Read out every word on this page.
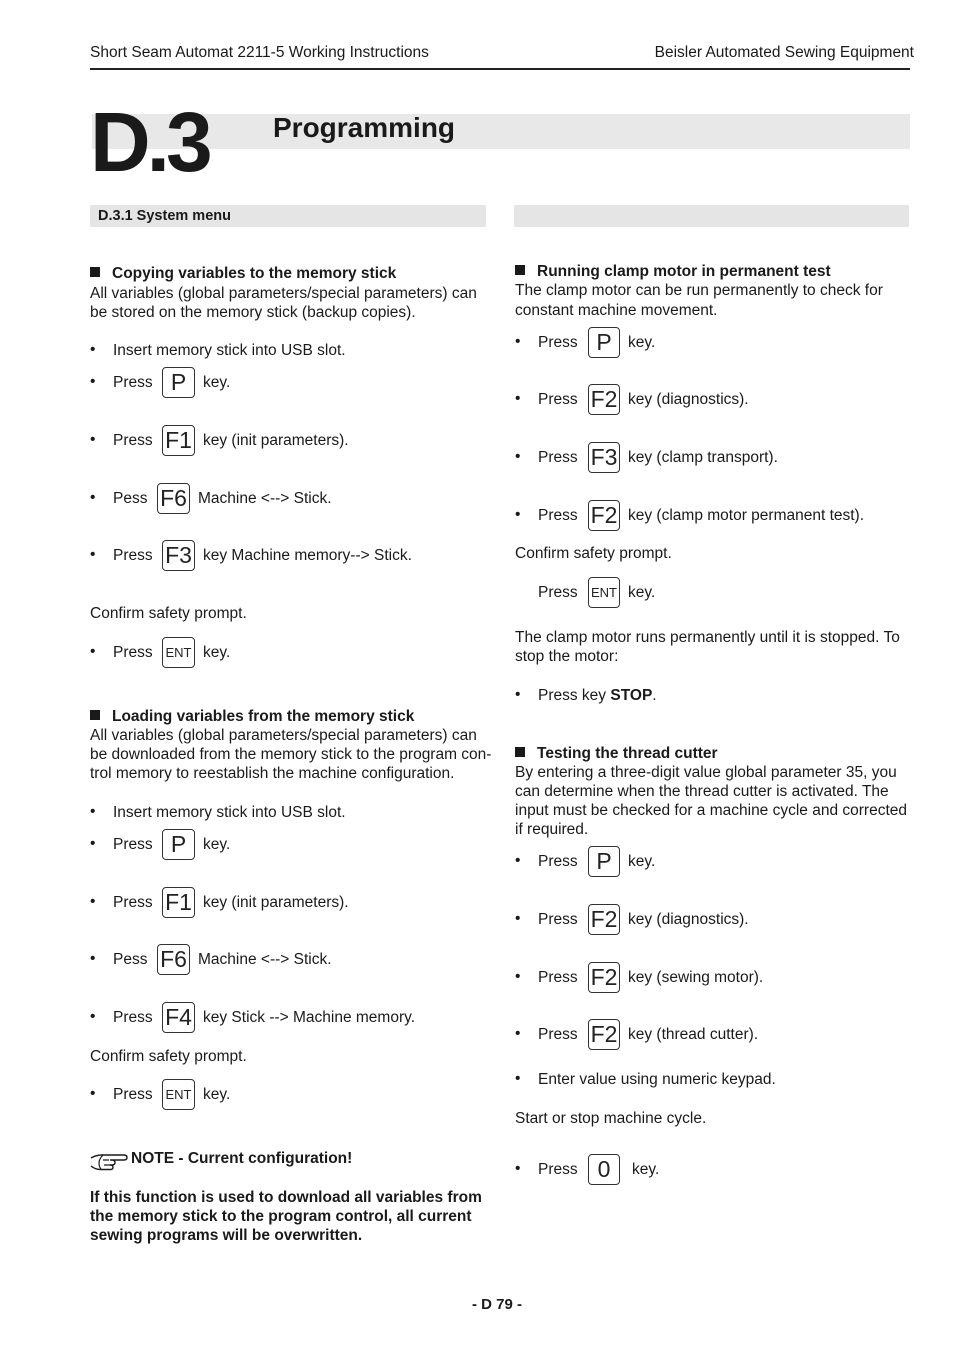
Short Seam Automat 2211-5 Working Instructions	Beisler Automated Sewing Equipment
D.3 Programming
D.3.1 System menu
Copying variables to the memory stick
All variables (global parameters/special parameters) can
be stored on the memory stick (backup copies).
• Insert memory stick into USB slot.
• Press P	key.
• Press F1 key (init parameters).
• Pess F6 Machine <--> Stick.
• Press F3 key Machine memory--> Stick.
Confirm safety prompt.
• Press ENT key.
Loading variables from the memory stick
All variables (global parameters/special parameters) can
be downloaded from the memory stick to the program con-
trol memory to reestablish the machine configuration.
• Insert memory stick into USB slot.
• Press P	key.
• Press F1 key (init parameters).
• Pess F6 Machine <--> Stick.
• Press F4 key Stick --> Machine memory.
Confirm safety prompt.
• Press ENT key.
NOTE - Current configuration!
If this function is used to download all variables from
the memory stick to the program control, all current
sewing programs will be overwritten.
Running clamp motor in permanent test
The clamp motor can be run permanently to check for
constant machine movement.
• Press P	key.
• Press F2 key (diagnostics).
• Press F3 key (clamp transport).
• Press F2 key (clamp motor permanent test).
Confirm safety prompt.
Press ENT key.
The clamp motor runs permanently until it is stopped. To
stop the motor:
• Press key STOP.
Testing the thread cutter
By entering a three-digit value global parameter 35, you
can determine when the thread cutter is activated. The
input must be checked for a machine cycle and corrected
if required.
• Press P	key.
• Press F2 key (diagnostics).
• Press F2 key (sewing motor).
• Press F2 key (thread cutter).
• Enter value using numeric keypad.
Start or stop machine cycle.
• Press 0	key.
- D 79 -
